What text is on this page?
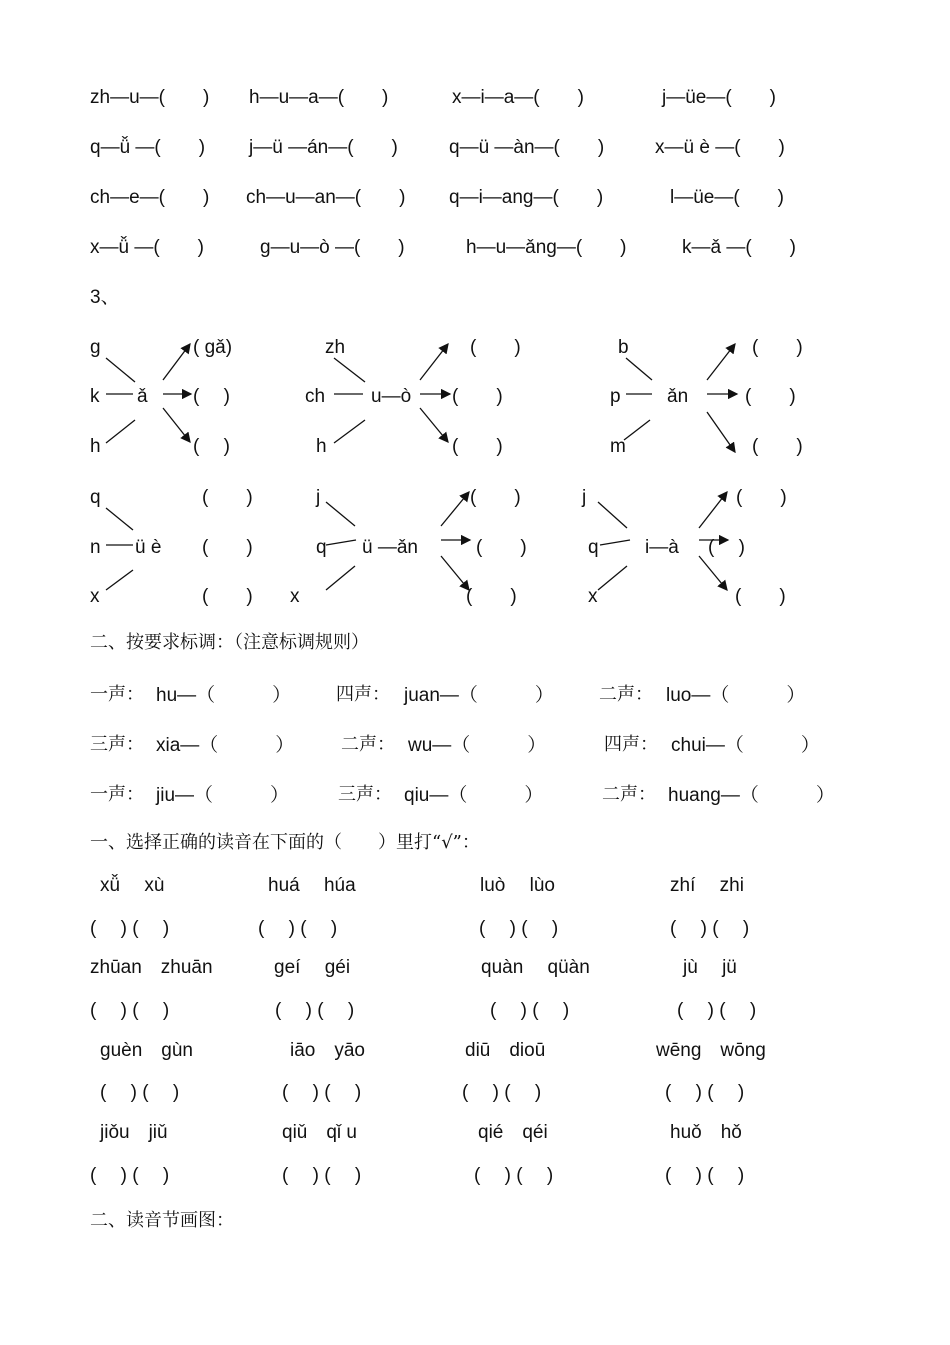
zh—u—(　　) h—u—a—(　　)	x—i—a—(　　)	j—üe—(　　)
q—ǚ —(　　) j—ü —án—(　　)	q—ü —àn—(　　)	x—ü è —(　　)
ch—e—(　　) ch—u—an—(　　) q—i—ang—(　　)	l—üe—(　　)
x—ǚ —(　　)	g—u—ò —(　　)	h—u—ǎng—(　　)	k—ǎ —(　　)
3、
g
k
h
ǎ
( gǎ)
(　 )
(　 )
zh
ch
h
u—ò
(　　)
(　　)
(　　)
b
p
m
ǎn
(　　)
(　　)
(　　)
q
n
x
ü è
(　　)
(　　)
(　　)
j
q
x
ü —ǎn
(　　)
(　　)
(　　)
j
q
x
i—à
(　　)
(　 )
(　　)
二、按要求标调：（注意标调规则）
一声： hu—（　　　） 四声： juan—（　　　）	二声： luo—（　　　）
三声： xia—（　　　）	二声： wu—（　　　）	四声： chui—（　　　）
一声： jiu—（　　　）	三声： qiu—（　　　）	二声： huang—（　　　）
一、选择正确的读音在下面的（　　）里打“√”：
xǚ　 xù	huá　 húa	luò　 lùo	zhí　 zhi
(　 ) (　 )	(　 ) (　 )	(　 ) (　 )	(　 ) (　 )
zhūan　zhuān	geí　 géi	quàn　 qüàn	jù　 jü
(　 ) (　 )	(　 ) (　 )	(　 ) (　 )	(　 ) (　 )
guèn　gùn	iāo　yāo	diū　dioū	wēng　wōng
(　 ) (　 )	(　 ) (　 )	(　 ) (　 )	(　 ) (　 )
jiǒu　jiǔ	qiǔ　qǐ u	qié　qéi	huǒ　hǒ
(　 ) (　 )	(　 ) (　 )	(　 ) (　 )	(　 ) (　 )
二、读音节画图：
